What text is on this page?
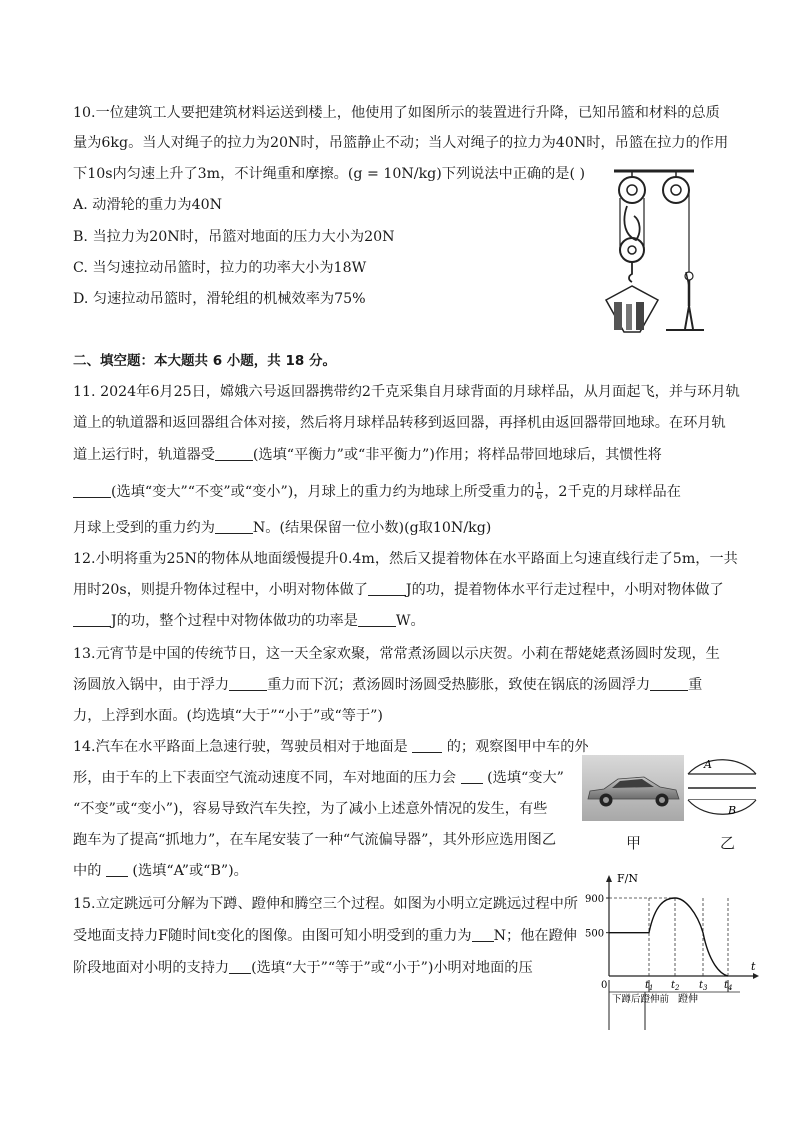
10.一位建筑工人要把建筑材料运送到楼上，他使用了如图所示的装置进行升降，已知吊篮和材料的总质
量为6kg。当人对绳子的拉力为20N时，吊篮静止不动；当人对绳子的拉力为40N时，吊篮在拉力的作用
下10s内匀速上升了3m，不计绳重和摩擦。(g = 10N/kg)下列说法中正确的是( )
A. 动滑轮的重力为40N
B. 当拉力为20N时，吊篮对地面的压力大小为20N
C. 当匀速拉动吊篮时，拉力的功率大小为18W
D. 匀速拉动吊篮时，滑轮组的机械效率为75%
二、填空题：本大题共 6 小题，共 18 分。
11. 2024年6月25日，嫦娥六号返回器携带约2千克采集自月球背面的月球样品，从月面起飞，并与环月轨
道上的轨道器和返回器组合体对接，然后将月球样品转移到返回器，再择机由返回器带回地球。在环月轨
道上运行时，轨道器受	(选填“平衡力”或“非平衡力”)作用；将样品带回地球后，其惯性将
(选填“变大”“不变”或“变小”)，月球上的重力约为地球上所受重力的 $\frac{1}{6}$ ，2千克的月球样品在
月球上受到的重力约为	N。(结果保留一位小数)(g取10N/kg)
12.小明将重为25N的物体从地面缓慢提升0.4m，然后又提着物体在水平路面上匀速直线行走了5m，一共
用时20s，则提升物体过程中，小明对物体做了	J的功，提着物体水平行走过程中，小明对物体做了
J的功，整个过程中对物体做功的功率是	W。
13.元宵节是中国的传统节日，这一天全家欢聚，常常煮汤圆以示庆贺。小莉在帮姥姥煮汤圆时发现，生
汤圆放入锅中，由于浮力	重力而下沉；煮汤圆时汤圆受热膨胀，致使在锅底的汤圆浮力	重
力，上浮到水面。(均选填“大于”“小于”或“等于”)
14.汽车在水平路面上急速行驶，驾驶员相对于地面是	的；观察图甲中车的外
形，由于车的上下表面空气流动速度不同，车对地面的压力会 (选填“变大”
“不变”或“变小”)，容易导致汽车失控，为了减小上述意外情况的发生，有些
跑车为了提高“抓地力”，在车尾安装了一种“气流偏导器”，其外形应选用图乙
中的 (选填“A”或“B”)。
A
B
甲	乙
15.立定跳远可分解为下蹲、蹬伸和腾空三个过程。如图为小明立定跳远过程中所
受地面支持力F随时间t变化的图像。由图可知小明受到的重力为 N；他在蹬伸
阶段地面对小明的支持力 (选填“大于”“等于”或“小于”)小明对地面的压
F/N
t
0
500
900
$t_1$ $t_2$ $t_3$ $t_4$
下蹲后蹬伸前 蹬伸
